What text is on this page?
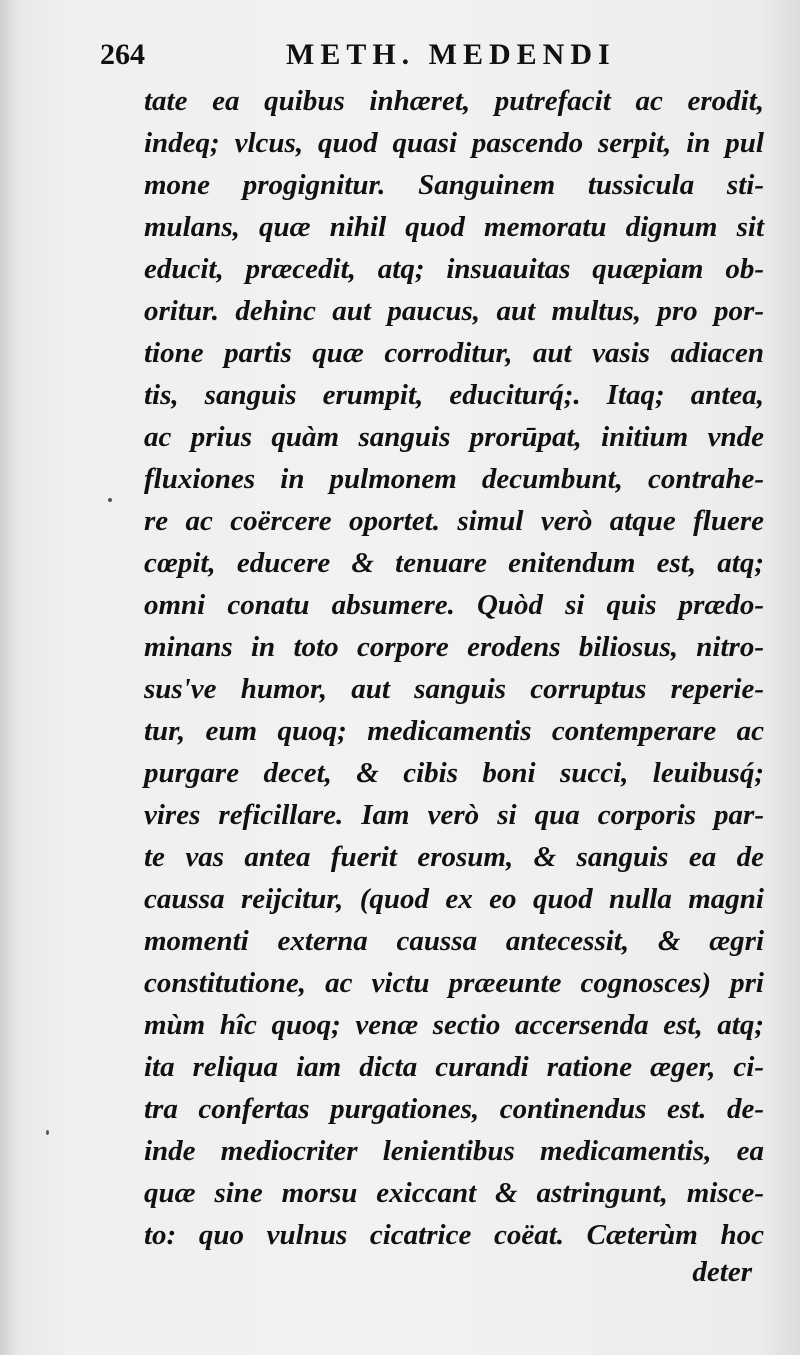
264	METH. MEDENDI
tate ea quibus inhæret, putrefacit ac erodit,
indeq; vlcus, quod quasi pascendo serpit, in pul
mone progignitur. Sanguinem tussicula sti-
mulans, quæ nihil quod memoratu dignum sit
educit, præcedit, atq; insuauitas quæpiam ob-
oritur. dehinc aut paucus, aut multus, pro por-
tione partis quæ corroditur, aut vasis adiacen
tis, sanguis erumpit, educiturq́;. Itaq; antea,
ac prius quàm sanguis prorūpat, initium vnde
fluxiones in pulmonem decumbunt, contrahe-
re ac coërcere oportet. simul verò atque fluere
cœpit, educere & tenuare enitendum est, atq;
omni conatu absumere. Quòd si quis prædo-
minans in toto corpore erodens biliosus, nitro-
sus've humor, aut sanguis corruptus reperie-
tur, eum quoq; medicamentis contemperare ac
purgare decet, & cibis boni succi, leuibusq́;
vires reficillare. Iam verò si qua corporis par-
te vas antea fuerit erosum, & sanguis ea de
caussa reijcitur, (quod ex eo quod nulla magni
momenti externa caussa antecessit, & ægri
constitutione, ac victu præeunte cognosces) pri
mùm hîc quoq; venæ sectio accersenda est, atq;
ita reliqua iam dicta curandi ratione æger, ci-
tra confertas purgationes, continendus est. de-
inde mediocriter lenientibus medicamentis, ea
quæ sine morsu exiccant & astringunt, misce-
to: quo vulnus cicatrice coëat. Cæterùm hoc
deter
